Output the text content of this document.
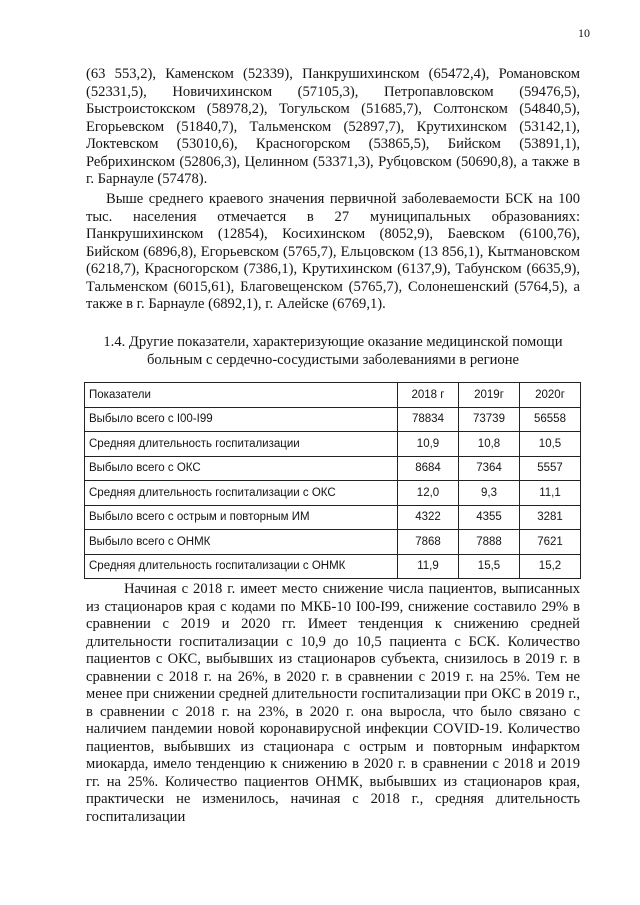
10

(63 553,2), Каменском (52339), Панкрушихинском (65472,4), Романовском (52331,5), Новичихинском (57105,3), Петропавловском (59476,5), Быстроистокском (58978,2), Тогульском (51685,7), Солтонском (54840,5), Егорьевском (51840,7), Тальменском (52897,7), Крутихинском (53142,1), Локтевском (53010,6), Красногорском (53865,5), Бийском (53891,1), Ребрихинском (52806,3), Целинном (53371,3), Рубцовском (50690,8), а также в г. Барнауле (57478).

Выше среднего краевого значения первичной заболеваемости БСК на 100 тыс. населения отмечается в 27 муниципальных образованиях: Панкрушихинском (12854), Косихинском (8052,9), Баевском (6100,76), Бийском (6896,8), Егорьевском (5765,7), Ельцовском (13 856,1), Кытмановском (6218,7), Красногорском (7386,1), Крутихинском (6137,9), Табунском (6635,9), Тальменском (6015,61), Благовещенском (5765,7), Солонешенский (5764,5), а также в г. Барнауле (6892,1), г. Алейске (6769,1).

1.4. Другие показатели, характеризующие оказание медицинской помощи больным с сердечно-сосудистыми заболеваниями в регионе

Показатели	2018 г	2019г	2020г
Выбыло всего с I00-I99	78834	73739	56558
Средняя длительность госпитализации	10,9	10,8	10,5
Выбыло всего с ОКС	8684	7364	5557
Средняя длительность госпитализации с ОКС	12,0	9,3	11,1
Выбыло всего с острым и повторным ИМ	4322	4355	3281
Выбыло всего с ОНМК	7868	7888	7621
Средняя длительность госпитализации с ОНМК	11,9	15,5	15,2

Начиная с 2018 г. имеет место снижение числа пациентов, выписанных из стационаров края с кодами по МКБ-10 I00-I99, снижение составило 29% в сравнении с 2019 и 2020 гг. Имеет тенденция к снижению средней длительности госпитализации с 10,9 до 10,5 пациента с БСК. Количество пациентов с ОКС, выбывших из стационаров субъекта, снизилось в 2019 г. в сравнении с 2018 г. на 26%, в 2020 г. в сравнении с 2019 г. на 25%. Тем не менее при снижении средней длительности госпитализации при ОКС в 2019 г., в сравнении с 2018 г. на 23%, в 2020 г. она выросла, что было связано с наличием пандемии новой коронавирусной инфекции COVID-19. Количество пациентов, выбывших из стационара с острым и повторным инфарктом миокарда, имело тенденцию к снижению в 2020 г. в сравнении с 2018 и 2019 гг. на 25%. Количество пациентов ОНМК, выбывших из стационаров края, практически не изменилось, начиная с 2018 г., средняя длительность госпитализации
